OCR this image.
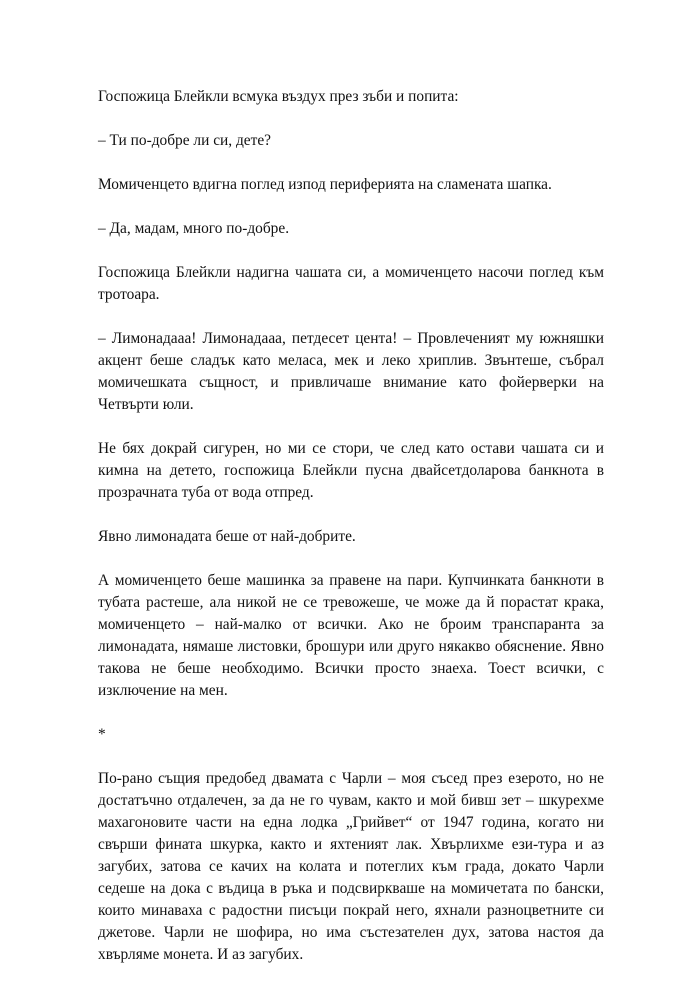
Госпожица Блейкли всмука въздух през зъби и попита:

– Ти по-добре ли си, дете?

Момиченцето вдигна поглед изпод периферията на сламената шапка.

– Да, мадам, много по-добре.

Госпожица Блейкли надигна чашата си, а момиченцето насочи поглед към тротоара.

– Лимонадааа! Лимонадааа, петдесет цента! – Провлеченият му южняшки акцент беше сладък като меласа, мек и леко хриплив. Звънтеше, събрал момичешката същност, и привличаше внимание като фойерверки на Четвърти юли.

Не бях докрай сигурен, но ми се стори, че след като остави чашата си и кимна на детето, госпожица Блейкли пусна двайсетдоларова банкнота в прозрачната туба от вода отпред.

Явно лимонадата беше от най-добрите.

А момиченцето беше машинка за правене на пари. Купчинката банкноти в тубата растеше, ала никой не се тревожеше, че може да й порастат крака, момиченцето – най-малко от всички. Ако не броим транспаранта за лимонадата, нямаше листовки, брошури или друго някакво обяснение. Явно такова не беше необходимо. Всички просто знаеха. Тоест всички, с изключение на мен.

*

По-рано същия предобед двамата с Чарли – моя съсед през езерото, но не достатъчно отдалечен, за да не го чувам, както и мой бивш зет – шкурехме махагоновите части на една лодка „Грийвет“ от 1947 година, когато ни свърши фината шкурка, както и яхтеният лак. Хвърлихме ези-тура и аз загубих, затова се качих на колата и потеглих към града, докато Чарли седеше на дока с въдица в ръка и подсвиркваше на момичетата по бански, които минаваха с радостни писъци покрай него, яхнали разноцветните си джетове. Чарли не шофира, но има състезателен дух, затова настоя да хвърляме монета. И аз загубих.
